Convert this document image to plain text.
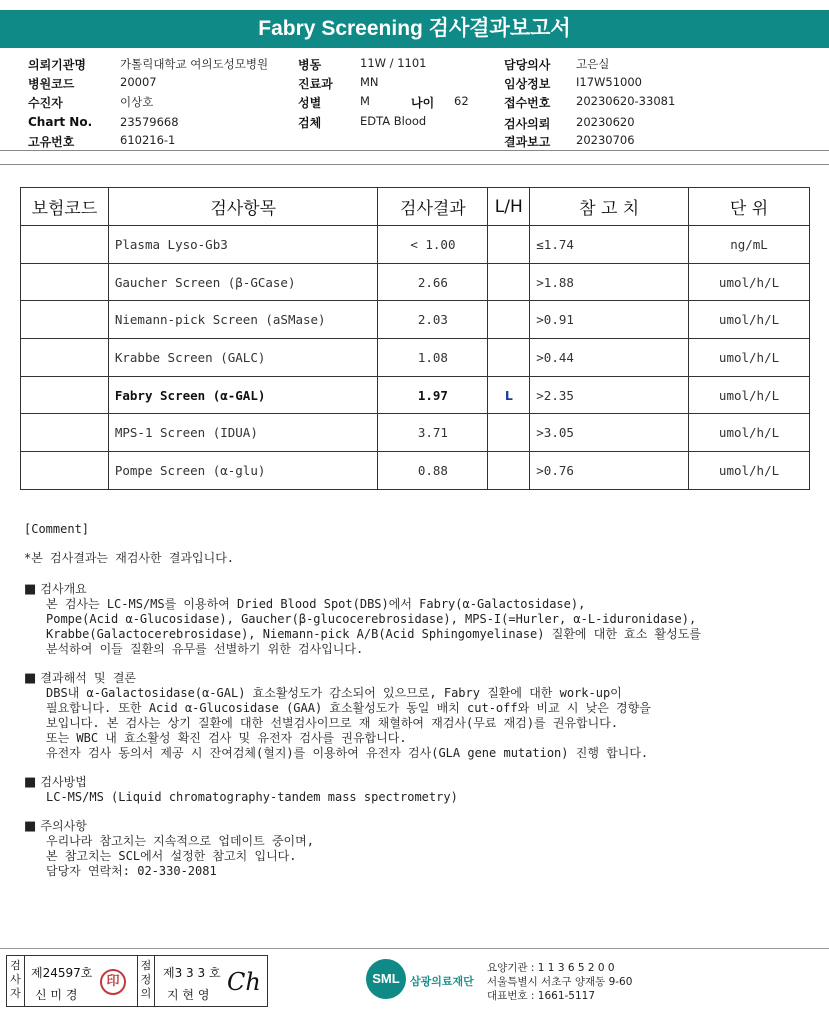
Fabry Screening 검사결과보고서
의뢰기관명	가톨릭대학교 여의도성모병원
병원코드	20007
수진자	이상호
Chart No. 23579668
고유번호	610216-1
병동	11W / 1101
진료과 MN
성별	M	나이 62
검체	EDTA Blood
담당의사 고은실
임상정보 I17W51000
접수번호 20230620-33081
검사의뢰 20230620
결과보고 20230706
보험코드	검사항목	검사결과	L/H	참 고 치	단 위
	Plasma Lyso-Gb3	< 1.00		≤1.74	ng/mL
	Gaucher Screen (β-GCase)	2.66		>1.88	umol/h/L
	Niemann-pick Screen (aSMase)	2.03		>0.91	umol/h/L
	Krabbe Screen (GALC)	1.08		>0.44	umol/h/L
	Fabry Screen (α-GAL)	1.97	L	>2.35	umol/h/L
	MPS-1 Screen (IDUA)	3.71		>3.05	umol/h/L
	Pompe Screen (α-glu)	0.88		>0.76	umol/h/L
[Comment]
*본 검사결과는 재검사한 결과입니다.
■ 검사개요
본 검사는 LC-MS/MS를 이용하여 Dried Blood Spot(DBS)에서 Fabry(α-Galactosidase),
Pompe(Acid α-Glucosidase), Gaucher(β-glucocerebrosidase), MPS-I(=Hurler, α-L-iduronidase),
Krabbe(Galactocerebrosidase), Niemann-pick A/B(Acid Sphingomyelinase) 질환에 대한 효소 활성도를
분석하여 이들 질환의 유무를 선별하기 위한 검사입니다.
■ 결과해석 및 결론
DBS내 α-Galactosidase(α-GAL) 효소활성도가 감소되어 있으므로, Fabry 질환에 대한 work-up이
필요합니다. 또한 Acid α-Glucosidase (GAA) 효소활성도가 동일 배치 cut-off와 비교 시 낮은 경향을
보입니다. 본 검사는 상기 질환에 대한 선별검사이므로 재 채혈하여 재검사(무료 재검)를 권유합니다.
또는 WBC 내 효소활성 확진 검사 및 유전자 검사를 권유합니다.
유전자 검사 동의서 제공 시 잔여검체(혈지)를 이용하여 유전자 검사(GLA gene mutation) 진행 합니다.
■ 검사방법
LC-MS/MS (Liquid chromatography-tandem mass spectrometry)
■ 주의사항
우리나라 참고치는 지속적으로 업데이트 중이며,
본 참고치는 SCL에서 설정한 참고치 입니다.
담당자 연락처: 02-330-2081
검사자
제24597호
신 미 경
印
점정의
제3 3 3 호
지 현 영 Ch	SML 삼광의료재단
요양기관 : 1 1 3 6 5 2 0 0
서울특별시 서초구 양재동 9-60
대표번호 : 1661-5117
